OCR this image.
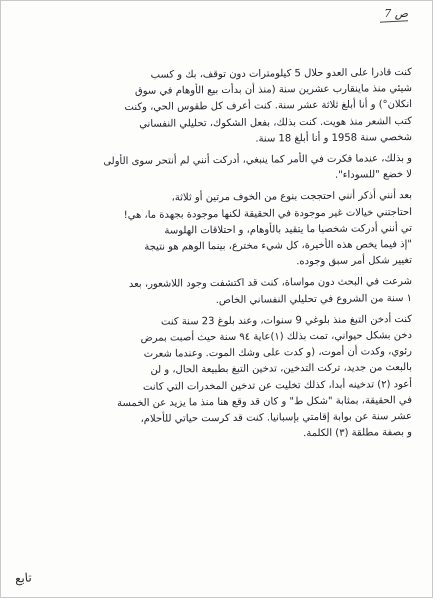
ص 7
كنت قادرا على العدو حلال 5 كيلومترات دون توقف، بك و كسب
شيئي منذ ماينقارب عشرين سنة (منذ أن بدأت بيع الأوهام في سوق
انكلان°) و أنا أبلغ ثلاثة عشر سنة. كنت أعرف كل طقوس الحي، وكنت
كتب الشعر منذ هويت. كنت بذلك، بفعل الشكوك، تحليلي النفساني
شخصي سنة 1958 و أنا أبلغ 18 سنة.
و بذلك، عندما فكرت في الأمر كما ينبغي، أدركت أنني لم أنتحر سوى الأولى
لا خضع "للسوداء".
بعد أنني أذكر أنني احتججت بنوع من الخوف مرتين أو ثلاثة،
احتاجتني خيالات غير موجودة في الحقيقة لكنها موجودة بجهدة ما، هي!
تي أنني أدركت شخصيا ما يتقيد بالأوهام، و احتلاقات الهلوسة
"إذ فيما يخص هذه الأخيرة، كل شيء مخترع، بينما الوهم هو نتيجة
تغيير شكل أمر سبق وجوده.
شرعت في البحث دون مواساة، كنت قد اكتشفت وجود اللاشعور، بعد
١ سنة من الشروع في تحليلي النفساني الخاص.
كنت أدخن التبغ منذ بلوغي 9 سنوات، وعند بلوغ 23 سنة كنت
دخن بشكل حيواني، تمت بذلك (١)عاية ٩٤ سنة حيث أصبت بمرض
رئوي، وكدت أن أموت، (و كدت على وشك الموت. وعندما شعرت
بالبعث من جديد، تركت التدخين، تدخين التبغ بطبيعة الحال، و لن
أعود (٢) تدخينه أبدا، كذلك تخليت عن تدخين المخدرات التي كانت
في الحقيقة، بمثابة "شكل ط" و كان قد وقع هنا منذ ما يزيد عن الخمسة
عشر سنة عن بوابة إقامتي بإسبانيا. كنت قد كرست حياتي للأحلام،
و بصفة مطلقة (٣) الكلمة.
تابع
